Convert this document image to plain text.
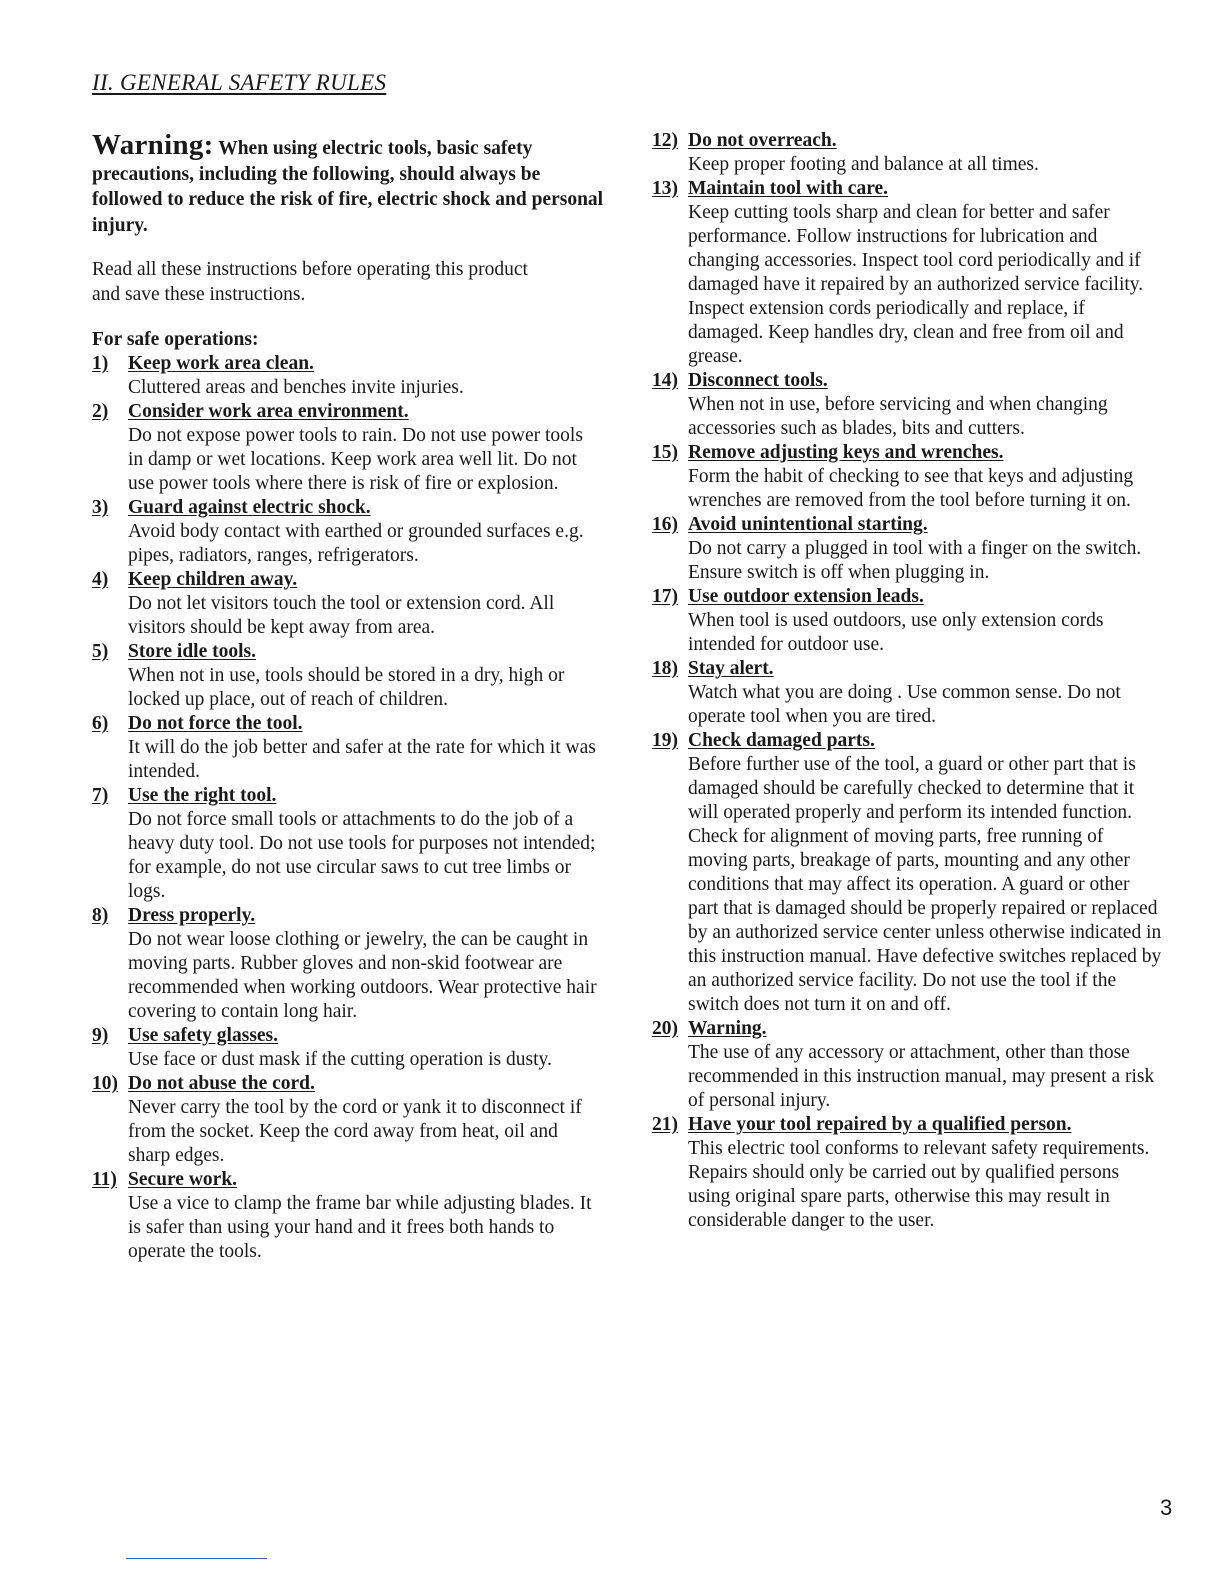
II. GENERAL SAFETY RULES

Warning: When using electric tools, basic safety precautions, including the following, should always be followed to reduce the risk of fire, electric shock and personal injury.

Read all these instructions before operating this product and save these instructions.

For safe operations:

1)	Keep work area clean.

Cluttered areas and benches invite injuries.

2)	Consider work area environment.

Do not expose power tools to rain. Do not use power tools in damp or wet locations. Keep work area well lit. Do not use power tools where there is risk of fire or explosion.

3)	Guard against electric shock.

Avoid body contact with earthed or grounded surfaces e.g. pipes, radiators, ranges, refrigerators.

4)	Keep children away.

Do not let visitors touch the tool or extension cord. All visitors should be kept away from area.

5)	Store idle tools.

When not in use, tools should be stored in a dry, high or locked up place, out of reach of children.

6)	Do not force the tool.

It will do the job better and safer at the rate for which it was intended.

7)	Use the right tool.

Do not force small tools or attachments to do the job of a heavy duty tool. Do not use tools for purposes not intended; for example, do not use circular saws to cut tree limbs or logs.

8)	Dress properly.

Do not wear loose clothing or jewelry, the can be caught in moving parts. Rubber gloves and non-skid footwear are recommended when working outdoors. Wear protective hair covering to contain long hair.

9)	Use safety glasses.

Use face or dust mask if the cutting operation is dusty.

10) Do not abuse the cord.

Never carry the tool by the cord or yank it to disconnect if from the socket. Keep the cord away from heat, oil and sharp edges.

11) Secure work.

Use a vice to clamp the frame bar while adjusting blades. It is safer than using your hand and it frees both hands to operate the tools.

12) Do not overreach.

Keep proper footing and balance at all times.

13) Maintain tool with care.

Keep cutting tools sharp and clean for better and safer performance. Follow instructions for lubrication and changing accessories. Inspect tool cord periodically and if damaged have it repaired by an authorized service facility. Inspect extension cords periodically and replace, if damaged. Keep handles dry, clean and free from oil and grease.

14) Disconnect tools.

When not in use, before servicing and when changing accessories such as blades, bits and cutters.

15) Remove adjusting keys and wrenches.

Form the habit of checking to see that keys and adjusting wrenches are removed from the tool before turning it on.

16) Avoid unintentional starting.

Do not carry a plugged in tool with a finger on the switch. Ensure switch is off when plugging in.

17) Use outdoor extension leads.

When tool is used outdoors, use only extension cords intended for outdoor use.

18) Stay alert.

Watch what you are doing . Use common sense. Do not operate tool when you are tired.

19) Check damaged parts.

Before further use of the tool, a guard or other part that is damaged should be carefully checked to determine that it will operated properly and perform its intended function. Check for alignment of moving parts, free running of moving parts, breakage of parts, mounting and any other conditions that may affect its operation. A guard or other part that is damaged should be properly repaired or replaced by an authorized service center unless otherwise indicated in this instruction manual. Have defective switches replaced by an authorized service facility. Do not use the tool if the switch does not turn it on and off.

20) Warning.

The use of any accessory or attachment, other than those recommended in this instruction manual, may present a risk of personal injury.

21) Have your tool repaired by a qualified person.

This electric tool conforms to relevant safety requirements. Repairs should only be carried out by qualified persons using original spare parts, otherwise this may result in considerable danger to the user.

3
